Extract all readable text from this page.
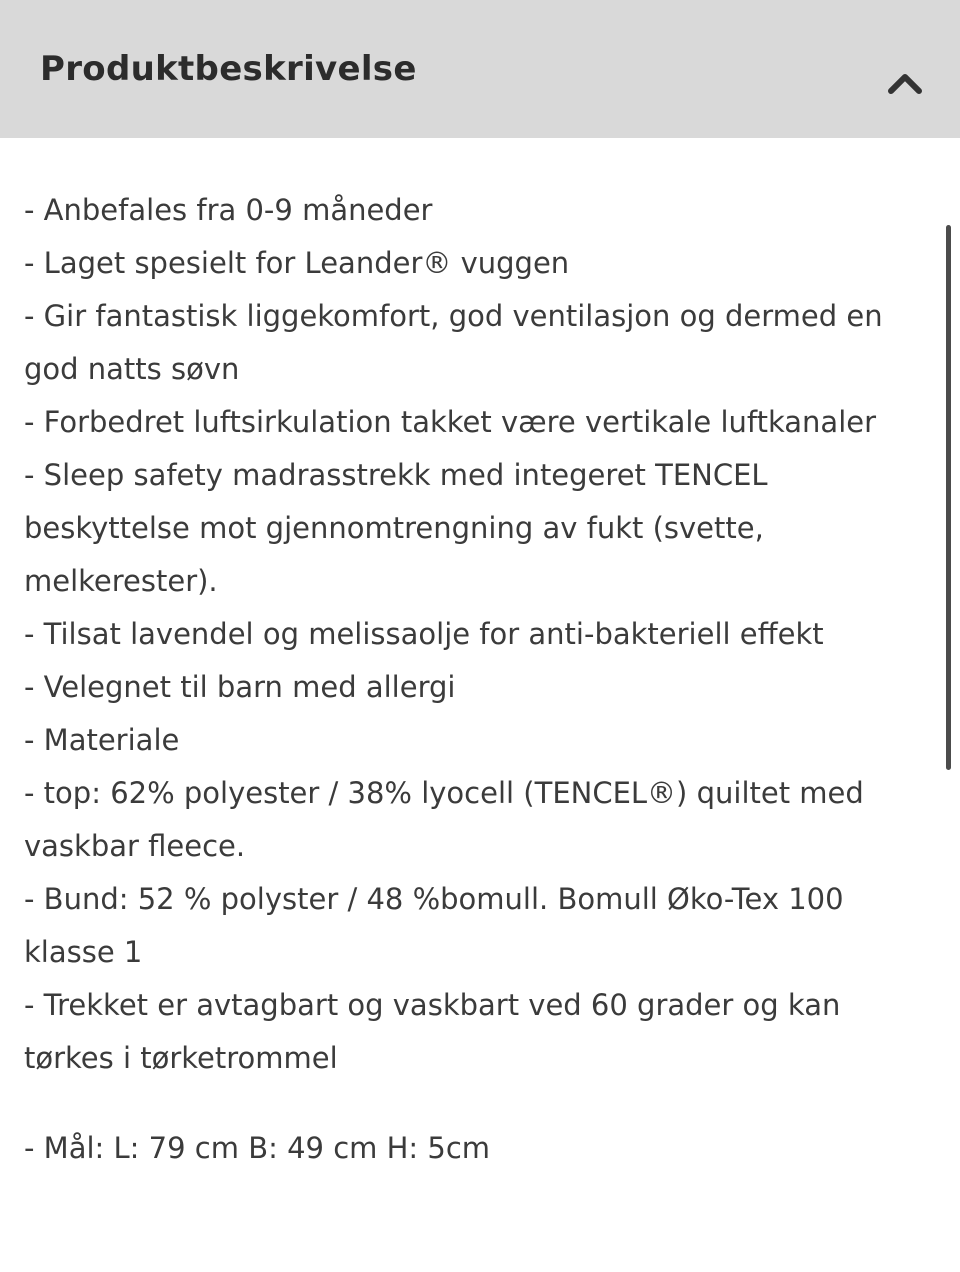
Produktbeskrivelse

- Anbefales fra 0-9 måneder

- Laget spesielt for Leander® vuggen

- Gir fantastisk liggekomfort, god ventilasjon og dermed en god natts søvn

- Forbedret luftsirkulation takket være vertikale luftkanaler

- Sleep safety madrasstrekk med integeret TENCEL beskyttelse mot gjennomtrengning av fukt (svette, melkerester).

- Tilsat lavendel og melissaolje for anti-bakteriell effekt

- Velegnet til barn med allergi

- Materiale

- top: 62% polyester / 38% lyocell (TENCEL®) quiltet med vaskbar fleece.

- Bund: 52 % polyster / 48 %bomull. Bomull Øko-Tex 100 klasse 1

- Trekket er avtagbart og vaskbart ved 60 grader og kan tørkes i tørketrommel

- Mål: L: 79 cm B: 49 cm H: 5cm
